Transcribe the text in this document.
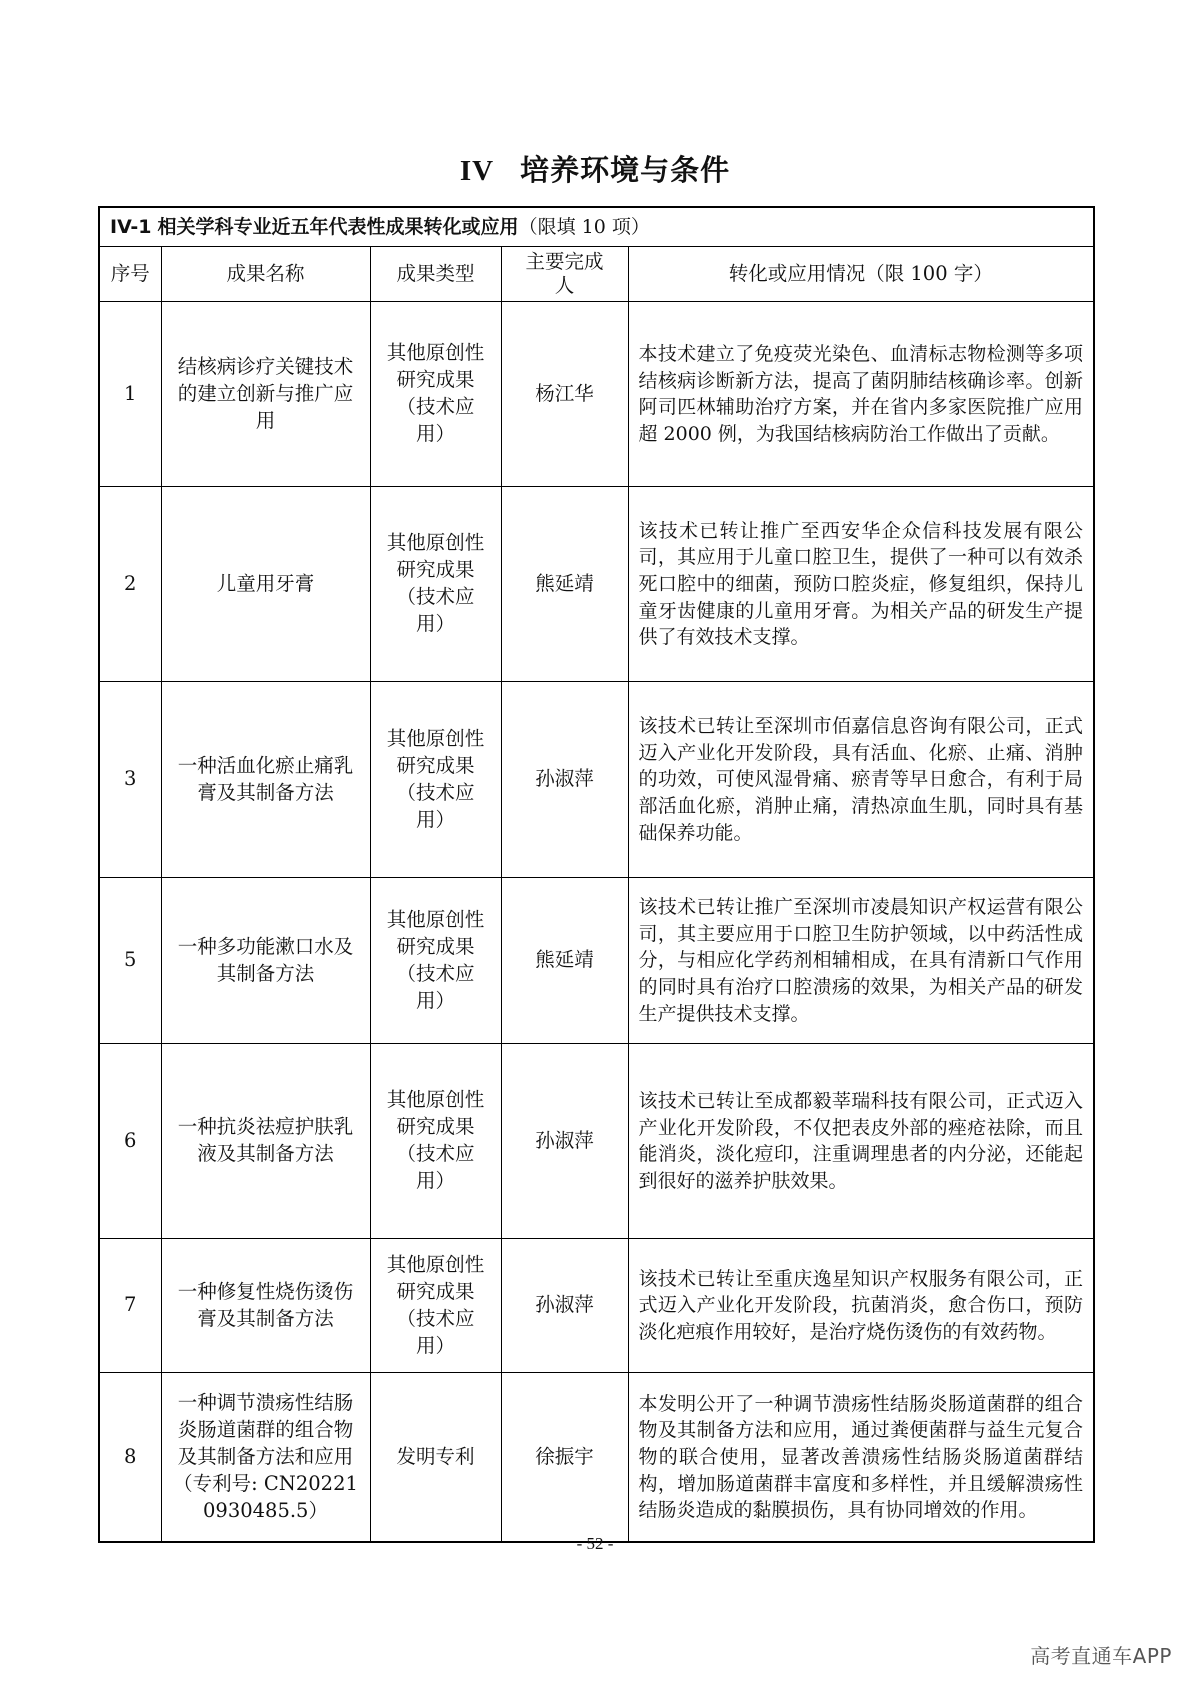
IV 培养环境与条件
IV-1 相关学科专业近五年代表性成果转化或应用（限填 10 项）				
序号	成果名称	成果类型	主要完成人	转化或应用情况（限 100 字）
1	结核病诊疗关键技术的建立创新与推广应用	其他原创性研究成果（技术应用）	杨江华	本技术建立了免疫荧光染色、血清标志物检测等多项结核病诊断新方法，提高了菌阴肺结核确诊率。创新阿司匹林辅助治疗方案，并在省内多家医院推广应用超 2000 例，为我国结核病防治工作做出了贡献。
2	儿童用牙膏	其他原创性研究成果（技术应用）	熊延靖	该技术已转让推广至西安华企众信科技发展有限公司，其应用于儿童口腔卫生，提供了一种可以有效杀死口腔中的细菌，预防口腔炎症，修复组织，保持儿童牙齿健康的儿童用牙膏。为相关产品的研发生产提供了有效技术支撑。
3	一种活血化瘀止痛乳膏及其制备方法	其他原创性研究成果（技术应用）	孙淑萍	该技术已转让至深圳市佰嘉信息咨询有限公司，正式迈入产业化开发阶段，具有活血、化瘀、止痛、消肿的功效，可使风湿骨痛、瘀青等早日愈合，有利于局部活血化瘀，消肿止痛，清热凉血生肌，同时具有基础保养功能。
5	一种多功能漱口水及其制备方法	其他原创性研究成果（技术应用）	熊延靖	该技术已转让推广至深圳市凌晨知识产权运营有限公司，其主要应用于口腔卫生防护领域，以中药活性成分，与相应化学药剂相辅相成，在具有清新口气作用的同时具有治疗口腔溃疡的效果，为相关产品的研发生产提供技术支撑。
6	一种抗炎祛痘护肤乳液及其制备方法	其他原创性研究成果（技术应用）	孙淑萍	该技术已转让至成都毅莘瑞科技有限公司，正式迈入产业化开发阶段，不仅把表皮外部的痤疮祛除，而且能消炎，淡化痘印，注重调理患者的内分泌，还能起到很好的滋养护肤效果。
7	一种修复性烧伤烫伤膏及其制备方法	其他原创性研究成果（技术应用）	孙淑萍	该技术已转让至重庆逸星知识产权服务有限公司，正式迈入产业化开发阶段，抗菌消炎，愈合伤口，预防淡化疤痕作用较好，是治疗烧伤烫伤的有效药物。
8	一种调节溃疡性结肠炎肠道菌群的组合物及其制备方法和应用（专利号: CN202210930485.5）	发明专利	徐振宇	本发明公开了一种调节溃疡性结肠炎肠道菌群的组合物及其制备方法和应用，通过粪便菌群与益生元复合物的联合使用，显著改善溃疡性结肠炎肠道菌群结构，增加肠道菌群丰富度和多样性，并且缓解溃疡性结肠炎造成的黏膜损伤，具有协同增效的作用。
- 52 -
高考直通车APP
